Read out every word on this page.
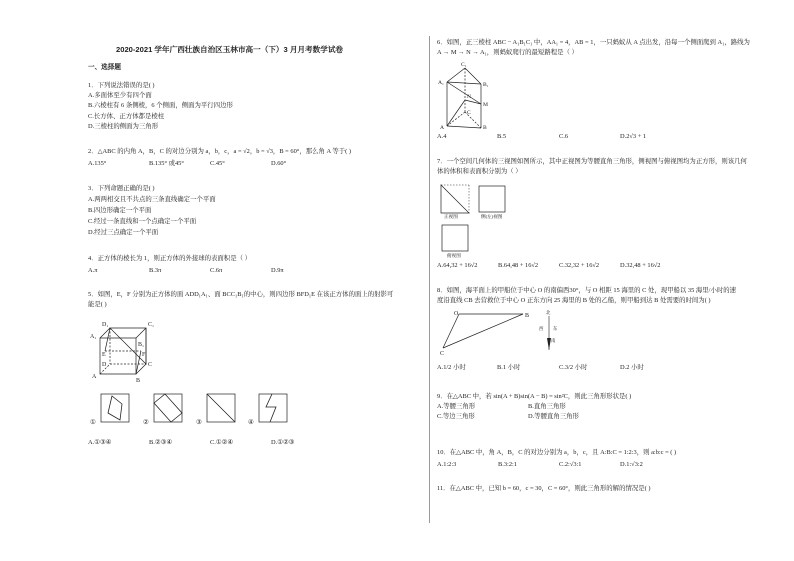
2020-2021 学年广西壮族自治区玉林市高一（下）3 月月考数学试卷
一、选择题
1．下列说法错误的是( )
A.多面体至少有四个面
B.六棱柱有 6 条侧棱，6 个侧面，侧面为平行四边形
C.长方体、正方体都是棱柱
D.三棱柱的侧面为三角形
2．△ABC 的内角 A，B，C 的对边分别为 a，b，c，a = √2，b = √3，B = 60°，那么角 A 等于( )
A.135°	B.135° 或45°	C.45°	D.60°
3．下列命题正确的是( )
A.两两相交且不共点的三条直线确定一个平面
B.四边形确定一个平面
C.经过一条直线和一个点确定一个平面
D.经过三点确定一个平面
4．正方体的棱长为 1，则正方体的外接球的表面积是（ ）
A.π	B.3π	C.6π	D.9π
5．如图，E，F 分别为正方体的面 ADD₁A₁、面 BCC₁B₁的中心，则四边形 BFD₁E 在该正方体的面上的射影可
能是( )
D₁	C₁
A₁
B₁
E	F
D	C
A
B
①	②	③	④
A.①③④	B.②③④	C.①②④	D.①②③
6．如图，正三棱柱 ABC − A₁B₁C₁ 中，AA₁ = 4，AB = 1，一只蚂蚁从 A 点出发，沿每一个侧面爬到 A₁，路线为
A → M → N → A₁，则蚂蚁爬行的最短路程是（ ）
C₁
A₁	B₁
N
C
M
A	B
A.4	B.5	C.6	D.2√3 + 1
7．一个空间几何体的三视图如图所示，其中正视图为等腰直角三角形，侧视图与俯视图均为正方形，则该几何
体的体积和表面积分别为（ ）
正视图	侧(左)视图
俯视图
A.64,32 + 16√2	B.64,48 + 16√2	C.32,32 + 16√2	D.32,48 + 16√2
8．如图，海平面上的甲船位于中心 O 的南偏西30°，与 O 相距 15 海里的 C 处，现甲船以 35 海里/小时的速
度沿直线 CB 去营救位于中心 O 正东方向 25 海里的 B 处的乙船，则甲船到达 B 处需要的时间为( )
O	B
C
北
西 东
南
A.1/2 小时	B.1 小时	C.3/2 小时	D.2 小时
9．在△ABC 中，若 sin(A + B)sin(A − B) = sin²C，则此三角形形状是( )
A.等腰三角形	B.直角三角形
C.等边三角形	D.等腰直角三角形
10．在△ABC 中，角 A，B，C 的对边分别为 a，b，c，且 A:B:C = 1:2:3，则 a:b:c = ( )
A.1:2:3	B.3:2:1	C.2:√3:1	D.1:√3:2
11．在△ABC 中，已知 b = 60，c = 30，C = 60°，则此三角形的解的情况是( )
